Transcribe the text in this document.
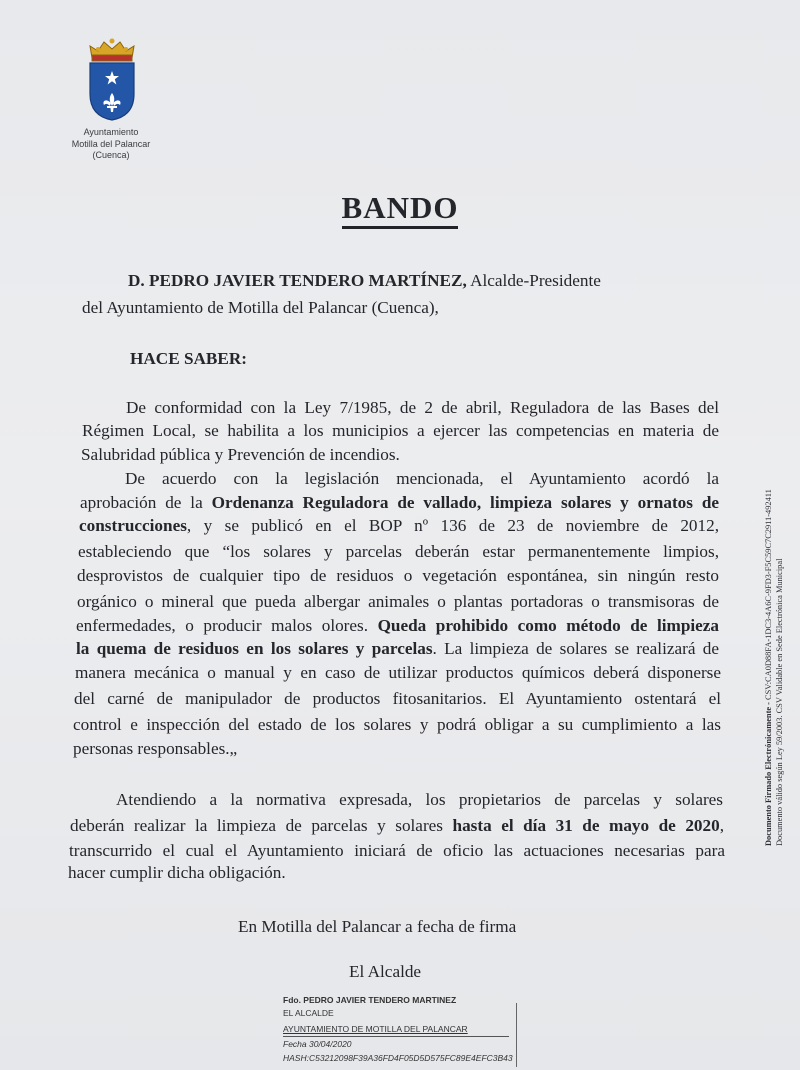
Ayuntamiento
Motilla del Palancar
(Cuenca)
BANDO
D. PEDRO JAVIER TENDERO MARTÍNEZ, Alcalde-Presidente
del Ayuntamiento de Motilla del Palancar (Cuenca),
HACE SABER:
De conformidad con la Ley 7/1985, de 2 de abril, Reguladora de las Bases del
Régimen Local, se habilita a los municipios a ejercer las competencias en materia de
Salubridad pública y Prevención de incendios.
De acuerdo con la legislación mencionada, el Ayuntamiento acordó la
aprobación de la Ordenanza Reguladora de vallado, limpieza solares y ornatos de
construcciones, y se publicó en el BOP nº 136 de 23 de noviembre de 2012,
estableciendo que “los solares y parcelas deberán estar permanentemente limpios,
desprovistos de cualquier tipo de residuos o vegetación espontánea, sin ningún resto
orgánico o mineral que pueda albergar animales o plantas portadoras o transmisoras de
enfermedades, o producir malos olores. Queda prohibido como método de limpieza
la quema de residuos en los solares y parcelas. La limpieza de solares se realizará de
manera mecánica o manual y en caso de utilizar productos químicos deberá disponerse
del carné de manipulador de productos fitosanitarios. El Ayuntamiento ostentará el
control e inspección del estado de los solares y podrá obligar a su cumplimiento a las
personas responsables.„
Atendiendo a la normativa expresada, los propietarios de parcelas y solares
deberán realizar la limpieza de parcelas y solares hasta el día 31 de mayo de 2020,
transcurrido el cual el Ayuntamiento iniciará de oficio las actuaciones necesarias para
hacer cumplir dicha obligación.
En Motilla del Palancar a fecha de firma
El Alcalde
Fdo. PEDRO JAVIER TENDERO MARTINEZ
EL ALCALDE
AYUNTAMIENTO DE MOTILLA DEL PALANCAR
Fecha 30/04/2020
HASH:C53212098F39A36FD4F05D5D575FC89E4EFC3B43
Documento Firmado Electrónicamente - CSV:CA0D88FA-1DC3-4A6C-9FD3-F5C59C7C2911-492411 Documento válido según Ley 59/2003. CSV Validable en Sede Electrónica Municipal
